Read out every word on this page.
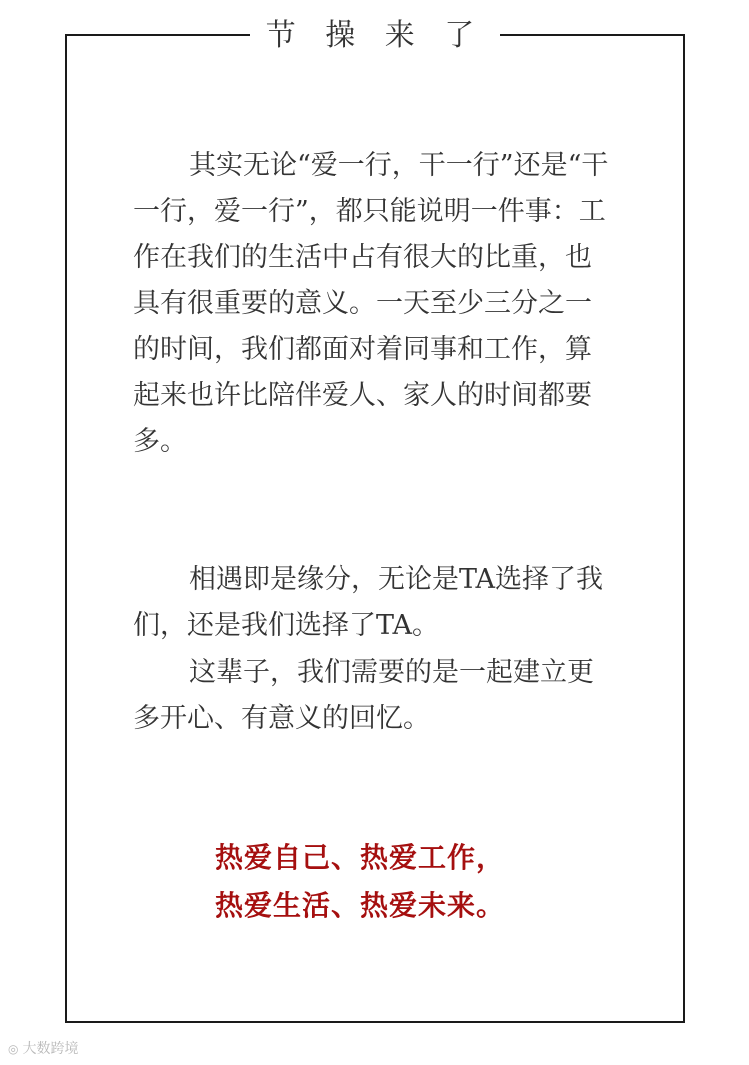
节 操 来 了

其实无论“爱一行，干一行”还是“干一行，爱一行”，都只能说明一件事：工作在我们的生活中占有很大的比重，也具有很重要的意义。一天至少三分之一的时间，我们都面对着同事和工作，算起来也许比陪伴爱人、家人的时间都要多。

相遇即是缘分，无论是TA选择了我们，还是我们选择了TA。

这辈子，我们需要的是一起建立更多开心、有意义的回忆。

热爱自己、热爱工作，
热爱生活、热爱未来。
◎ 大数跨境
